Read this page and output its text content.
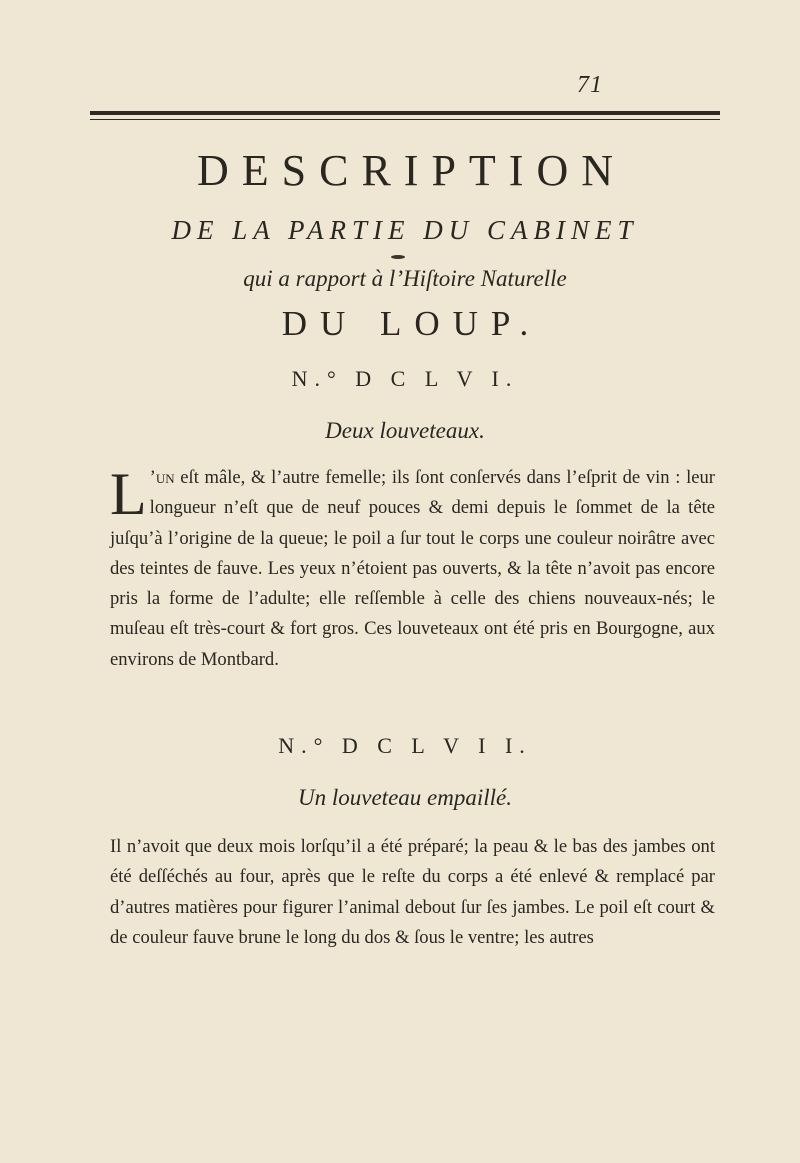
71
DESCRIPTION
DE LA PARTIE DU CABINET
qui a rapport à l’Hiſtoire Naturelle
DU LOUP.
N.° D C L V I.
Deux louveteaux.
L ’un eſt mâle, & l’autre femelle; ils ſont conſervés dans l’eſprit de vin : leur longueur n’eſt que de neuf pouces & demi depuis le ſommet de la tête juſqu’à l’origine de la queue; le poil a ſur tout le corps une couleur noirâtre avec des teintes de fauve. Les yeux n’étoient pas ouverts, & la tête n’avoit pas encore pris la forme de l’adulte; elle reſſemble à celle des chiens nouveaux-nés; le muſeau eſt très-court & fort gros. Ces louveteaux ont été pris en Bourgogne, aux environs de Montbard.
N.° D C L V I I.
Un louveteau empaillé.
Il n’avoit que deux mois lorſqu’il a été préparé; la peau & le bas des jambes ont été deſſéchés au four, après que le reſte du corps a été enlevé & remplacé par d’autres matières pour figurer l’animal debout ſur ſes jambes. Le poil eſt court & de couleur fauve brune le long du dos & ſous le ventre; les autres
